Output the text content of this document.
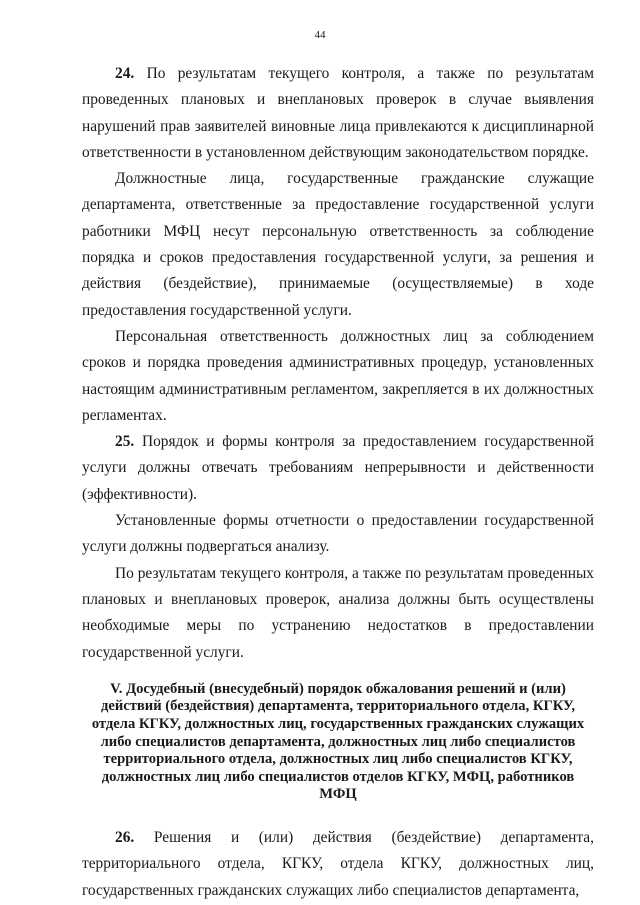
44

24. По результатам текущего контроля, а также по результатам проведенных плановых и внеплановых проверок в случае выявления нарушений прав заявителей виновные лица привлекаются к дисциплинарной ответственности в установленном действующим законодательством порядке.

Должностные лица, государственные гражданские служащие департамента, ответственные за предоставление государственной услуги работники МФЦ несут персональную ответственность за соблюдение порядка и сроков предоставления государственной услуги, за решения и действия (бездействие), принимаемые (осуществляемые) в ходе предоставления государственной услуги.

Персональная ответственность должностных лиц за соблюдением сроков и порядка проведения административных процедур, установленных настоящим административным регламентом, закрепляется в их должностных регламентах.

25. Порядок и формы контроля за предоставлением государственной услуги должны отвечать требованиям непрерывности и действенности (эффективности).

Установленные формы отчетности о предоставлении государственной услуги должны подвергаться анализу.

По результатам текущего контроля, а также по результатам проведенных плановых и внеплановых проверок, анализа должны быть осуществлены необходимые меры по устранению недостатков в предоставлении государственной услуги.

V. Досудебный (внесудебный) порядок обжалования решений и (или) действий (бездействия) департамента, территориального отдела, КГКУ, отдела КГКУ, должностных лиц, государственных гражданских служащих либо специалистов департамента, должностных лиц либо специалистов территориального отдела, должностных лиц либо специалистов КГКУ, должностных лиц либо специалистов отделов КГКУ, МФЦ, работников МФЦ

26. Решения и (или) действия (бездействие) департамента, территориального отдела, КГКУ, отдела КГКУ, должностных лиц, государственных гражданских служащих либо специалистов департамента,
